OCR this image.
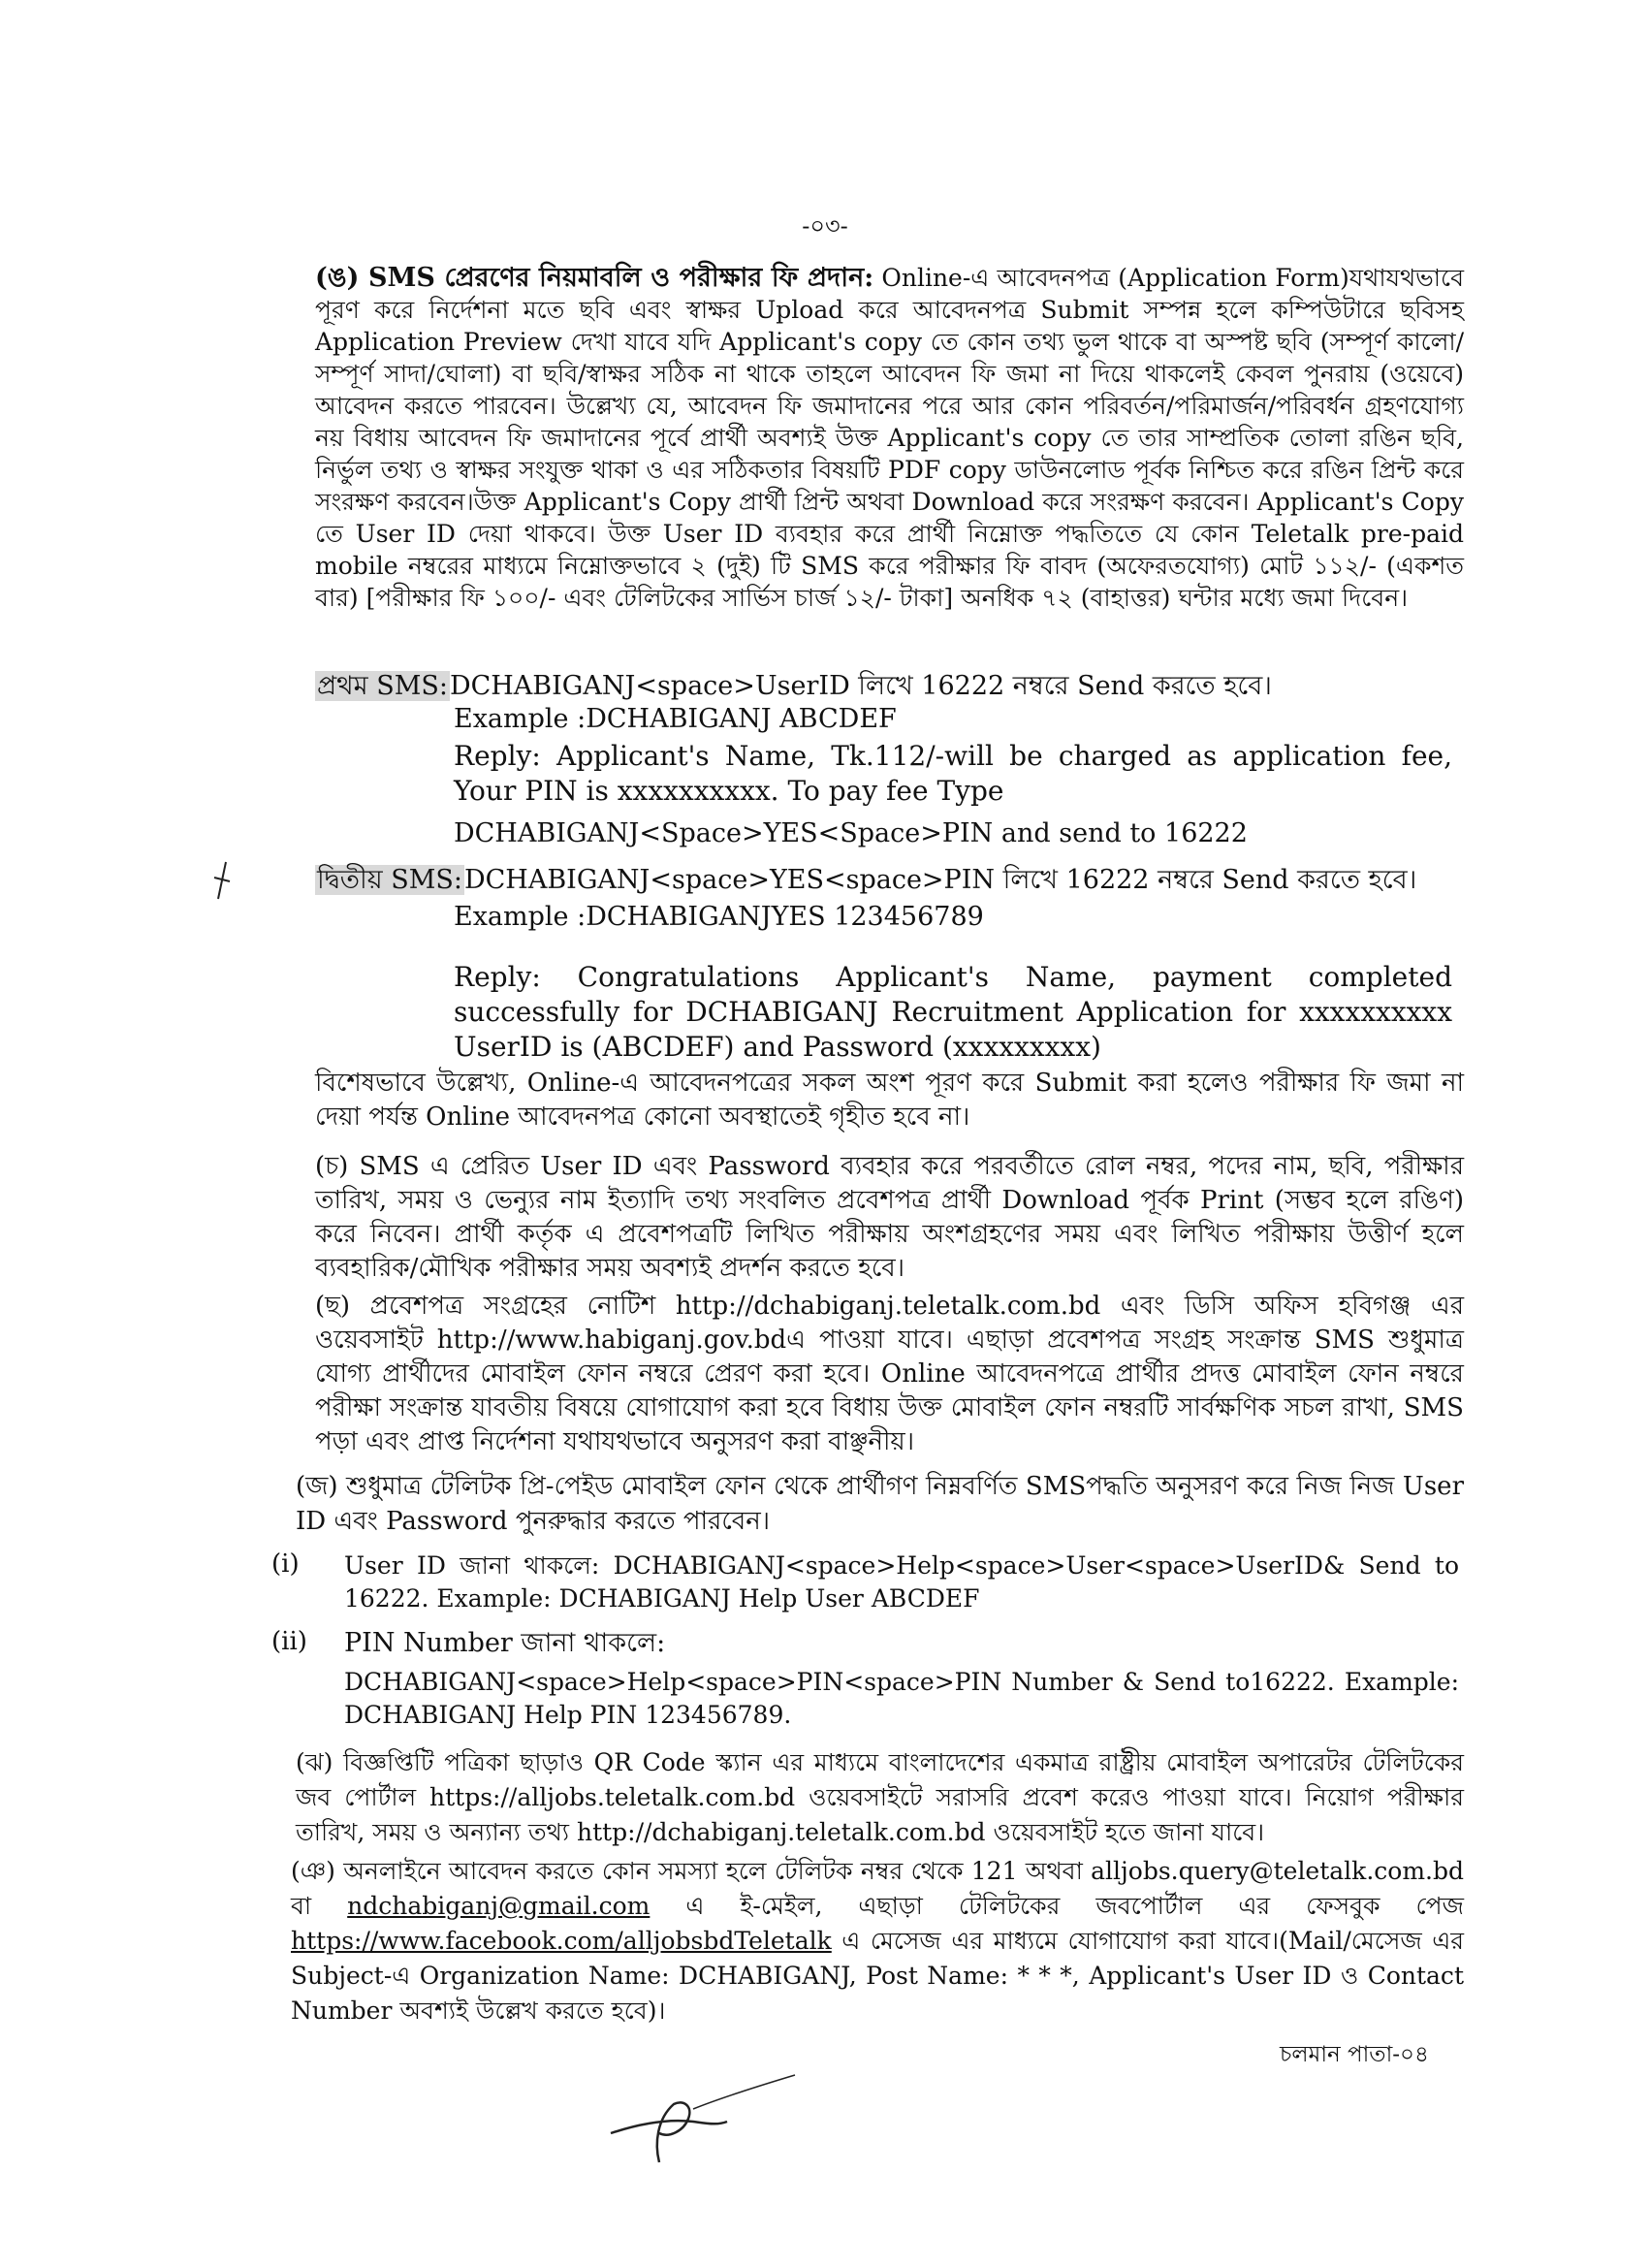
-০৩-
(ঙ) SMS প্রেরণের নিয়মাবলি ও পরীক্ষার ফি প্রদান: Online-এ আবেদনপত্র (Application Form)যথাযথভাবে পূরণ করে নির্দেশনা মতে ছবি এবং স্বাক্ষর Upload করে আবেদনপত্র Submit সম্পন্ন হলে কম্পিউটারে ছবিসহ Application Preview দেখা যাবে যদি Applicant's copy তে কোন তথ্য ভুল থাকে বা অস্পষ্ট ছবি (সম্পূর্ণ কালো/সম্পূর্ণ সাদা/ঘোলা) বা ছবি/স্বাক্ষর সঠিক না থাকে তাহলে আবেদন ফি জমা না দিয়ে থাকলেই কেবল পুনরায় (ওয়েবে) আবেদন করতে পারবেন। উল্লেখ্য যে, আবেদন ফি জমাদানের পরে আর কোন পরিবর্তন/পরিমার্জন/পরিবর্ধন গ্রহণযোগ্য নয় বিধায় আবেদন ফি জমাদানের পূর্বে প্রার্থী অবশ্যই উক্ত Applicant's copy তে তার সাম্প্রতিক তোলা রঙিন ছবি, নির্ভুল তথ্য ও স্বাক্ষর সংযুক্ত থাকা ও এর সঠিকতার বিষয়টি PDF copy ডাউনলোড পূর্বক নিশ্চিত করে রঙিন প্রিন্ট করে সংরক্ষণ করবেন।উক্ত Applicant's Copy প্রার্থী প্রিন্ট অথবা Download করে সংরক্ষণ করবেন। Applicant's Copy তে User ID দেয়া থাকবে। উক্ত User ID ব্যবহার করে প্রার্থী নিম্নোক্ত পদ্ধতিতে যে কোন Teletalk pre-paid mobile নম্বরের মাধ্যমে নিম্নোক্তভাবে ২ (দুই) টি SMS করে পরীক্ষার ফি বাবদ (অফেরতযোগ্য) মোট ১১২/- (একশত বার) [পরীক্ষার ফি ১০০/- এবং টেলিটকের সার্ভিস চার্জ ১২/- টাকা] অনধিক ৭২ (বাহাত্তর) ঘন্টার মধ্যে জমা দিবেন।
প্রথম SMS:DCHABIGANJ<space>UserID লিখে 16222 নম্বরে Send করতে হবে।
Example :DCHABIGANJ ABCDEF
Reply: Applicant's Name, Tk.112/-will be charged as application fee, Your PIN is xxxxxxxxxx. To pay fee Type
DCHABIGANJ<Space>YES<Space>PIN and send to 16222
দ্বিতীয় SMS:DCHABIGANJ<space>YES<space>PIN লিখে 16222 নম্বরে Send করতে হবে।
Example :DCHABIGANJYES 123456789
Reply: Congratulations Applicant's Name, payment completed successfully for DCHABIGANJ Recruitment Application for xxxxxxxxxx UserID is (ABCDEF) and Password (xxxxxxxxx)
বিশেষভাবে উল্লেখ্য, Online-এ আবেদনপত্রের সকল অংশ পূরণ করে Submit করা হলেও পরীক্ষার ফি জমা না দেয়া পর্যন্ত Online আবেদনপত্র কোনো অবস্থাতেই গৃহীত হবে না।
(চ) SMS এ প্রেরিত User ID এবং Password ব্যবহার করে পরবর্তীতে রোল নম্বর, পদের নাম, ছবি, পরীক্ষার তারিখ, সময় ও ভেন্যুর নাম ইত্যাদি তথ্য সংবলিত প্রবেশপত্র প্রার্থী Download পূর্বক Print (সম্ভব হলে রঙিণ) করে নিবেন। প্রার্থী কর্তৃক এ প্রবেশপত্রটি লিখিত পরীক্ষায় অংশগ্রহণের সময় এবং লিখিত পরীক্ষায় উত্তীর্ণ হলে ব্যবহারিক/মৌখিক পরীক্ষার সময় অবশ্যই প্রদর্শন করতে হবে।
(ছ) প্রবেশপত্র সংগ্রহের নোটিশ http://dchabiganj.teletalk.com.bd এবং ডিসি অফিস হবিগঞ্জ এর ওয়েবসাইট http://www.habiganj.gov.bdএ পাওয়া যাবে। এছাড়া প্রবেশপত্র সংগ্রহ সংক্রান্ত SMS শুধুমাত্র যোগ্য প্রার্থীদের মোবাইল ফোন নম্বরে প্রেরণ করা হবে। Online আবেদনপত্রে প্রার্থীর প্রদত্ত মোবাইল ফোন নম্বরে পরীক্ষা সংক্রান্ত যাবতীয় বিষয়ে যোগাযোগ করা হবে বিধায় উক্ত মোবাইল ফোন নম্বরটি সার্বক্ষণিক সচল রাখা, SMS পড়া এবং প্রাপ্ত নির্দেশনা যথাযথভাবে অনুসরণ করা বাঞ্ছনীয়।
(জ) শুধুমাত্র টেলিটক প্রি-পেইড মোবাইল ফোন থেকে প্রার্থীগণ নিম্নবর্ণিত SMSপদ্ধতি অনুসরণ করে নিজ নিজ User ID এবং Password পুনরুদ্ধার করতে পারবেন।
(i) User ID জানা থাকলে: DCHABIGANJ<space>Help<space>User<space>UserID& Send to 16222. Example: DCHABIGANJ Help User ABCDEF
(ii) PIN Number জানা থাকলে:
DCHABIGANJ<space>Help<space>PIN<space>PIN Number & Send to16222. Example: DCHABIGANJ Help PIN 123456789.
(ঝ) বিজ্ঞপ্তিটি পত্রিকা ছাড়াও QR Code স্ক্যান এর মাধ্যমে বাংলাদেশের একমাত্র রাষ্ট্রীয় মোবাইল অপারেটর টেলিটকের জব পোর্টাল https://alljobs.teletalk.com.bd ওয়েবসাইটে সরাসরি প্রবেশ করেও পাওয়া যাবে। নিয়োগ পরীক্ষার তারিখ, সময় ও অন্যান্য তথ্য http://dchabiganj.teletalk.com.bd ওয়েবসাইট হতে জানা যাবে।
(ঞ) অনলাইনে আবেদন করতে কোন সমস্যা হলে টেলিটক নম্বর থেকে 121 অথবা alljobs.query@teletalk.com.bd বা ndchabiganj@gmail.com এ ই-মেইল, এছাড়া টেলিটকের জবপোর্টাল এর ফেসবুক পেজ https://www.facebook.com/alljobsbdTeletalk এ মেসেজ এর মাধ্যমে যোগাযোগ করা যাবে।(Mail/মেসেজ এর Subject-এ Organization Name: DCHABIGANJ, Post Name: * * *, Applicant's User ID ও Contact Number অবশ্যই উল্লেখ করতে হবে)।
চলমান পাতা-০৪
